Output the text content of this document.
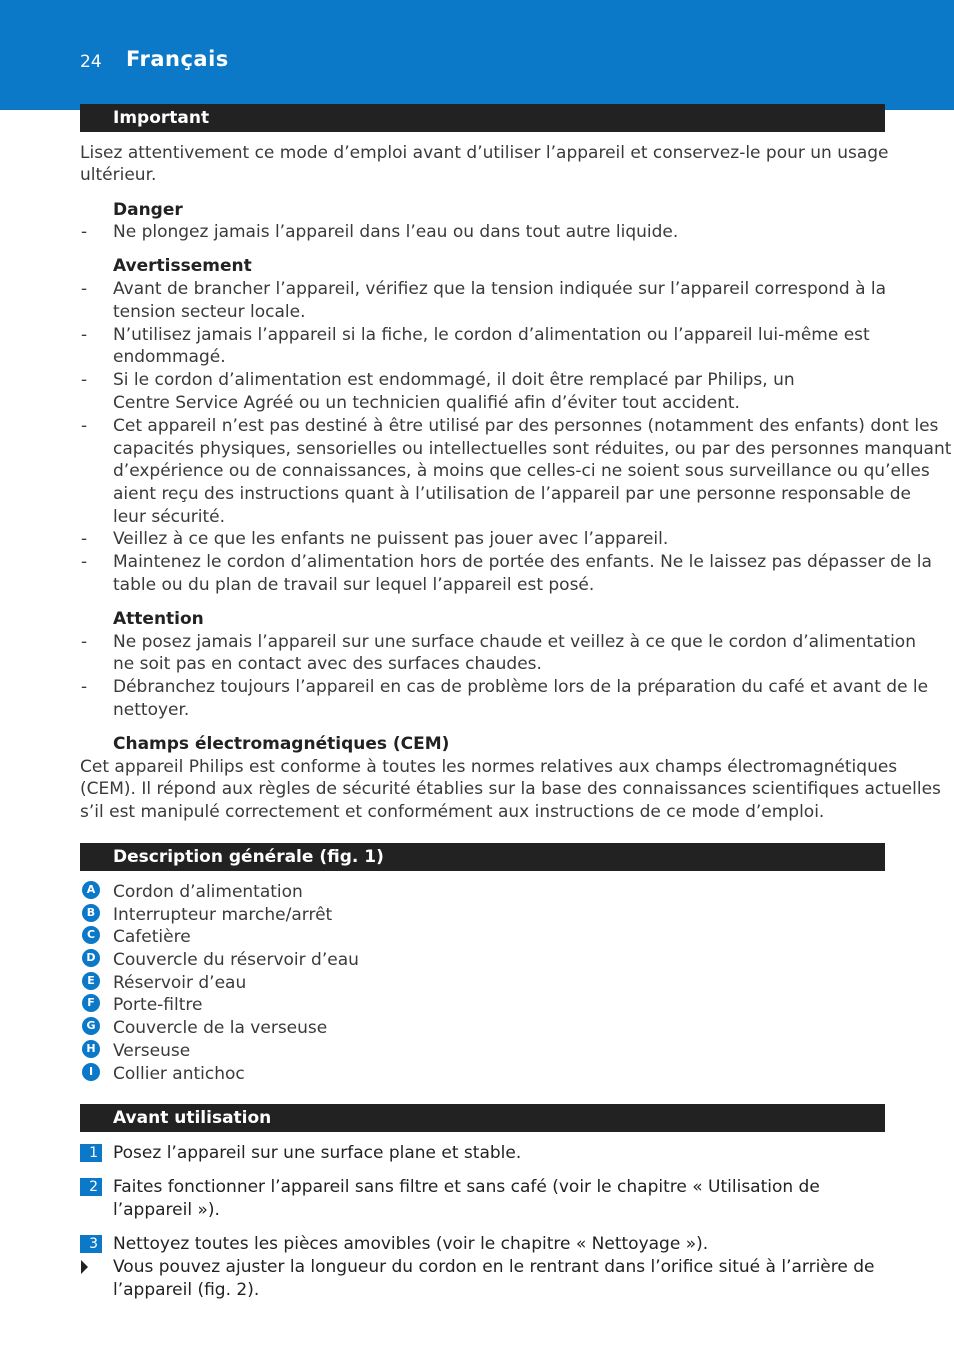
24 Français
Important
Lisez attentivement ce mode d’emploi avant d’utiliser l’appareil et conservez-le pour un usage
ultérieur.
Danger
- Ne plongez jamais l’appareil dans l’eau ou dans tout autre liquide.
Avertissement
- Avant de brancher l’appareil, vérifiez que la tension indiquée sur l’appareil correspond à la
tension secteur locale.
- N’utilisez jamais l’appareil si la fiche, le cordon d’alimentation ou l’appareil lui-même est
endommagé.
- Si le cordon d’alimentation est endommagé, il doit être remplacé par Philips, un
Centre Service Agréé ou un technicien qualifié afin d’éviter tout accident.
- Cet appareil n’est pas destiné à être utilisé par des personnes (notamment des enfants) dont les
capacités physiques, sensorielles ou intellectuelles sont réduites, ou par des personnes manquant
d’expérience ou de connaissances, à moins que celles-ci ne soient sous surveillance ou qu’elles
aient reçu des instructions quant à l’utilisation de l’appareil par une personne responsable de
leur sécurité.
- Veillez à ce que les enfants ne puissent pas jouer avec l’appareil.
- Maintenez le cordon d’alimentation hors de portée des enfants. Ne le laissez pas dépasser de la
table ou du plan de travail sur lequel l’appareil est posé.
Attention
- Ne posez jamais l’appareil sur une surface chaude et veillez à ce que le cordon d’alimentation
ne soit pas en contact avec des surfaces chaudes.
- Débranchez toujours l’appareil en cas de problème lors de la préparation du café et avant de le
nettoyer.
Champs électromagnétiques (CEM)
Cet appareil Philips est conforme à toutes les normes relatives aux champs électromagnétiques
(CEM). Il répond aux règles de sécurité établies sur la base des connaissances scientifiques actuelles
s’il est manipulé correctement et conformément aux instructions de ce mode d’emploi.
Description générale (fig. 1)
A Cordon d’alimentation
B Interrupteur marche/arrêt
C Cafetière
D Couvercle du réservoir d’eau
E	Réservoir d’eau
F	Porte-filtre
G Couvercle de la verseuse
H Verseuse
I	Collier antichoc
Avant utilisation
1 Posez l’appareil sur une surface plane et stable.
2 Faites fonctionner l’appareil sans filtre et sans café (voir le chapitre « Utilisation de
l’appareil »).
3 Nettoyez toutes les pièces amovibles (voir le chapitre « Nettoyage »).
Vous pouvez ajuster la longueur du cordon en le rentrant dans l’orifice situé à l’arrière de
l’appareil (fig. 2).
